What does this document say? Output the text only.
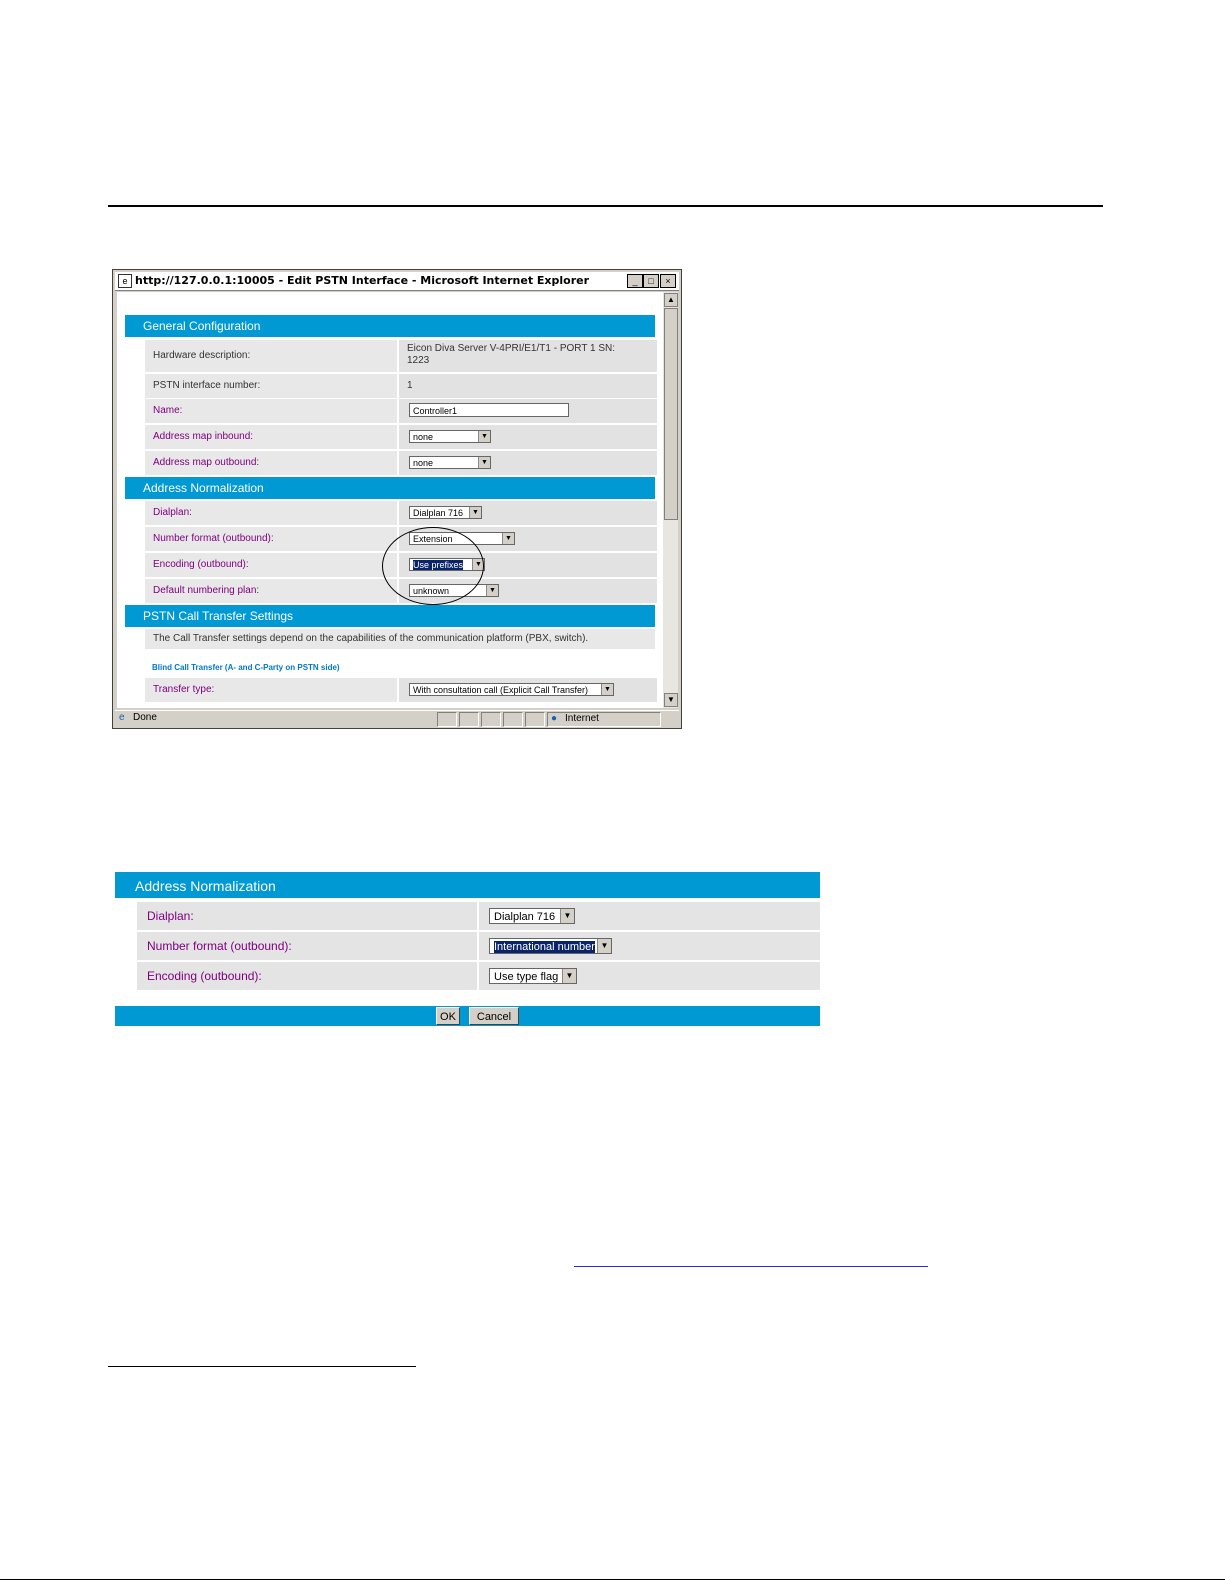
e http://127.0.0.1:10005 - Edit PSTN Interface - Microsoft Internet Explorer	_	□	×
General Configuration
Hardware description:
Eicon Diva Server V-4PRI/E1/T1 - PORT 1 SN:
1223
PSTN interface number:	1
Name:	Controller1
Address map inbound:	none	▼
Address map outbound:	none	▼
Address Normalization
Dialplan:	Dialplan 716	▼
Number format (outbound):	Extension	▼
Encoding (outbound):	Use prefixes	▼
Default numbering plan:	unknown	▼
PSTN Call Transfer Settings
The Call Transfer settings depend on the capabilities of the communication platform (PBX, switch).
Blind Call Transfer (A- and C-Party on PSTN side)
Transfer type:	With consultation call (Explicit Call Transfer)	▼
▲
▼
e Done	● Internet
Address Normalization
Dialplan:	Dialplan 716	▼
Number format (outbound):	International number ▼
Encoding (outbound):	Use type flag ▼
OK	Cancel
